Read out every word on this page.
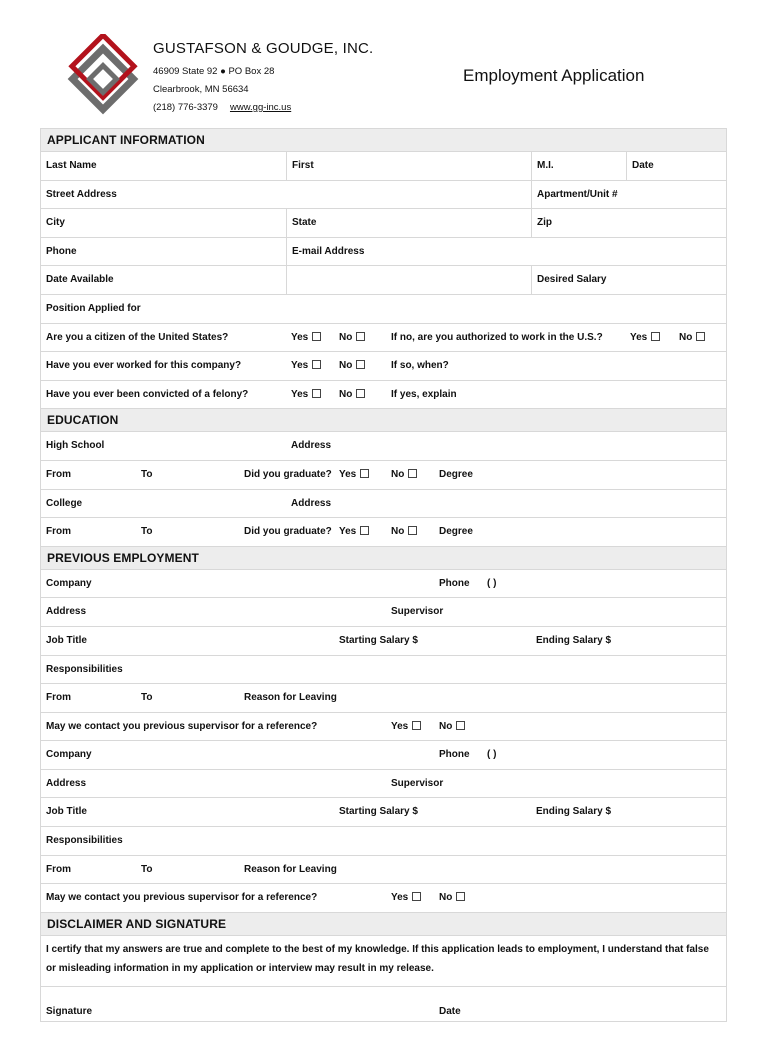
GUSTAFSON & GOUDGE, INC.
46909 State 92 ● PO Box 28
Clearbrook, MN 56634
(218) 776-3379 www.gg-inc.us
Employment Application
APPLICANT INFORMATION
Last Name	First	M.I.	Date
Street Address	Apartment/Unit #
City	State	Zip
Phone	E-mail Address
Date Available	Desired Salary
Position Applied for
Are you a citizen of the United States?	Yes	No	If no, are you authorized to work in the U.S.?	Yes	No
Have you ever worked for this company?	Yes	No	If so, when?
Have you ever been convicted of a felony?	Yes	No	If yes, explain
EDUCATION
High School	Address
From	To	Did you graduate? Yes	No	Degree
College	Address
From	To	Did you graduate? Yes	No	Degree
PREVIOUS EMPLOYMENT
Company	Phone	( )
Address	Supervisor
Job Title	Starting Salary $	Ending Salary $
Responsibilities
From	To	Reason for Leaving
May we contact you previous supervisor for a reference?	Yes	No
Company	Phone	( )
Address	Supervisor
Job Title	Starting Salary $	Ending Salary $
Responsibilities
From	To	Reason for Leaving
May we contact you previous supervisor for a reference?	Yes	No
DISCLAIMER AND SIGNATURE
I certify that my answers are true and complete to the best of my knowledge. If this application leads to employment, I understand that false or misleading information in my application or interview may result in my release.
Signature	Date
